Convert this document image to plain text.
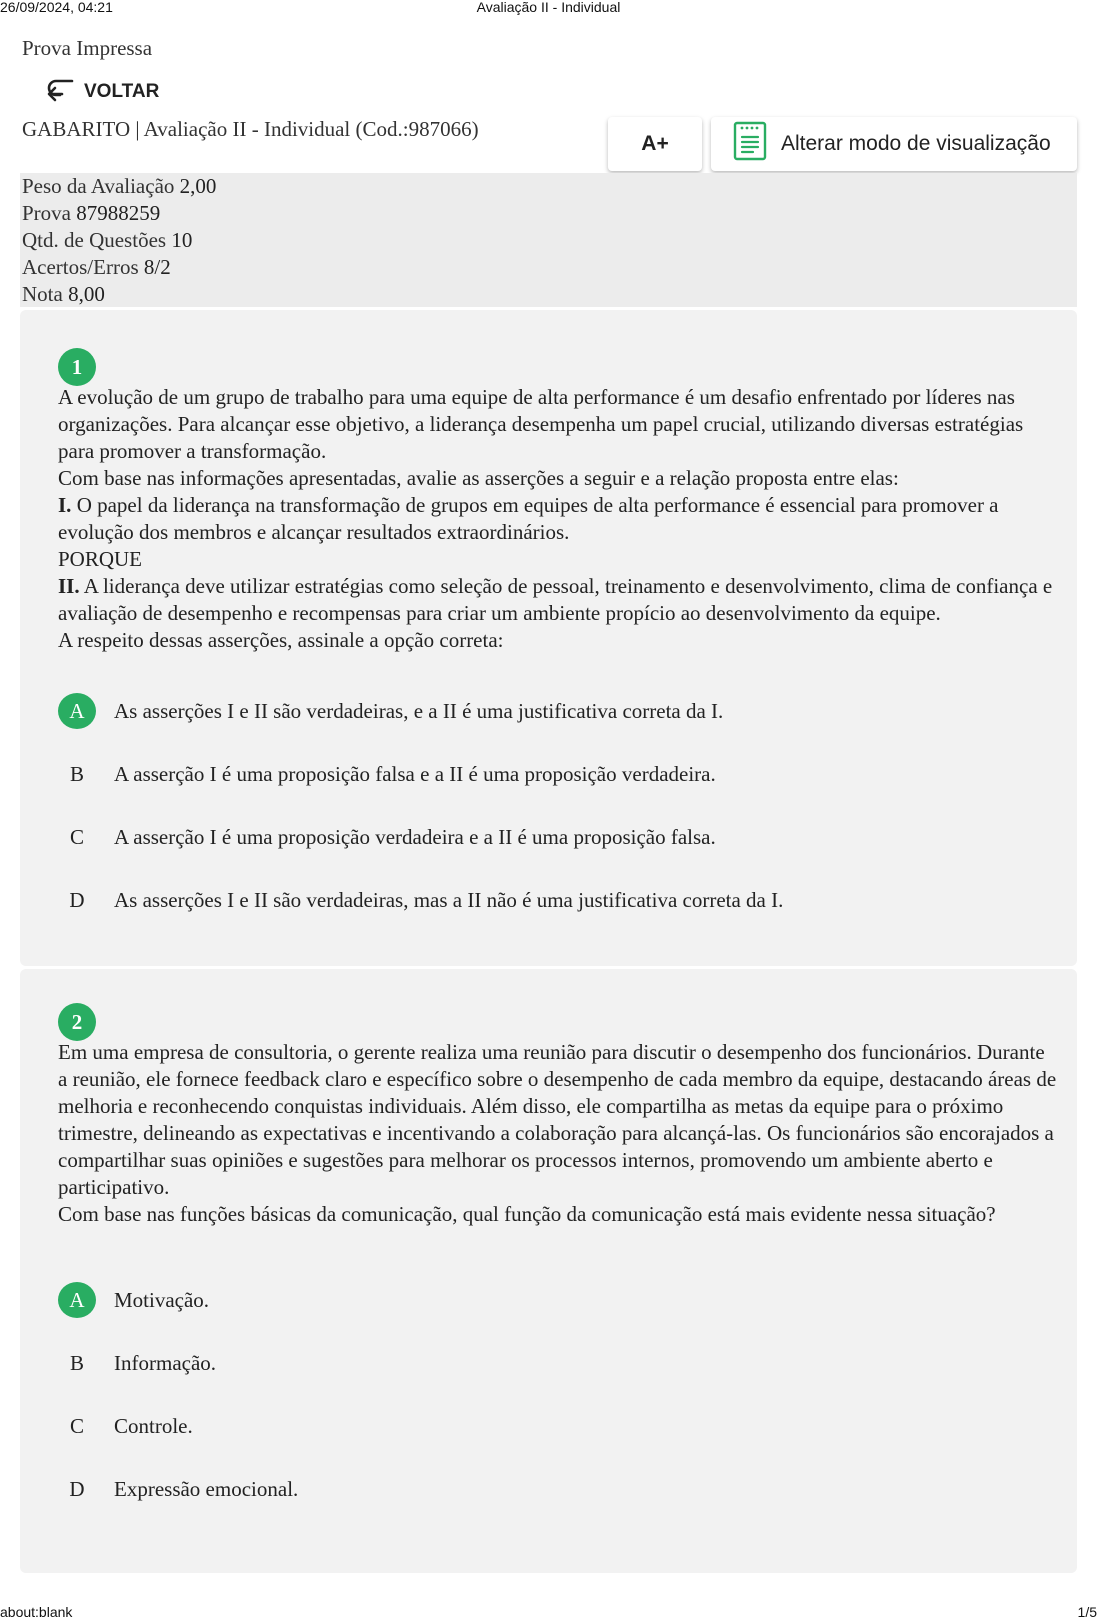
26/09/2024, 04:21	Avaliação II - Individual
Prova Impressa
VOLTAR
GABARITO | Avaliação II - Individual (Cod.:987066)
A+	Alterar modo de visualização
Peso da Avaliação 2,00
Prova 87988259
Qtd. de Questões 10
Acertos/Erros 8/2
Nota 8,00
1

A evolução de um grupo de trabalho para uma equipe de alta performance é um desafio enfrentado por líderes nas organizações. Para alcançar esse objetivo, a liderança desempenha um papel crucial, utilizando diversas estratégias para promover a transformação.

Com base nas informações apresentadas, avalie as asserções a seguir e a relação proposta entre elas:

I. O papel da liderança na transformação de grupos em equipes de alta performance é essencial para promover a evolução dos membros e alcançar resultados extraordinários.

PORQUE

II. A liderança deve utilizar estratégias como seleção de pessoal, treinamento e desenvolvimento, clima de confiança e avaliação de desempenho e recompensas para criar um ambiente propício ao desenvolvimento da equipe.

A respeito dessas asserções, assinale a opção correta:

A	As asserções I e II são verdadeiras, e a II é uma justificativa correta da I.
B	A asserção I é uma proposição falsa e a II é uma proposição verdadeira.
C	A asserção I é uma proposição verdadeira e a II é uma proposição falsa.
D	As asserções I e II são verdadeiras, mas a II não é uma justificativa correta da I.
2

Em uma empresa de consultoria, o gerente realiza uma reunião para discutir o desempenho dos funcionários. Durante a reunião, ele fornece feedback claro e específico sobre o desempenho de cada membro da equipe, destacando áreas de melhoria e reconhecendo conquistas individuais. Além disso, ele compartilha as metas da equipe para o próximo trimestre, delineando as expectativas e incentivando a colaboração para alcançá-las. Os funcionários são encorajados a compartilhar suas opiniões e sugestões para melhorar os processos internos, promovendo um ambiente aberto e participativo.

Com base nas funções básicas da comunicação, qual função da comunicação está mais evidente nessa situação?

A	Motivação.
B	Informação.
C	Controle.
D	Expressão emocional.
about:blank	1/5
